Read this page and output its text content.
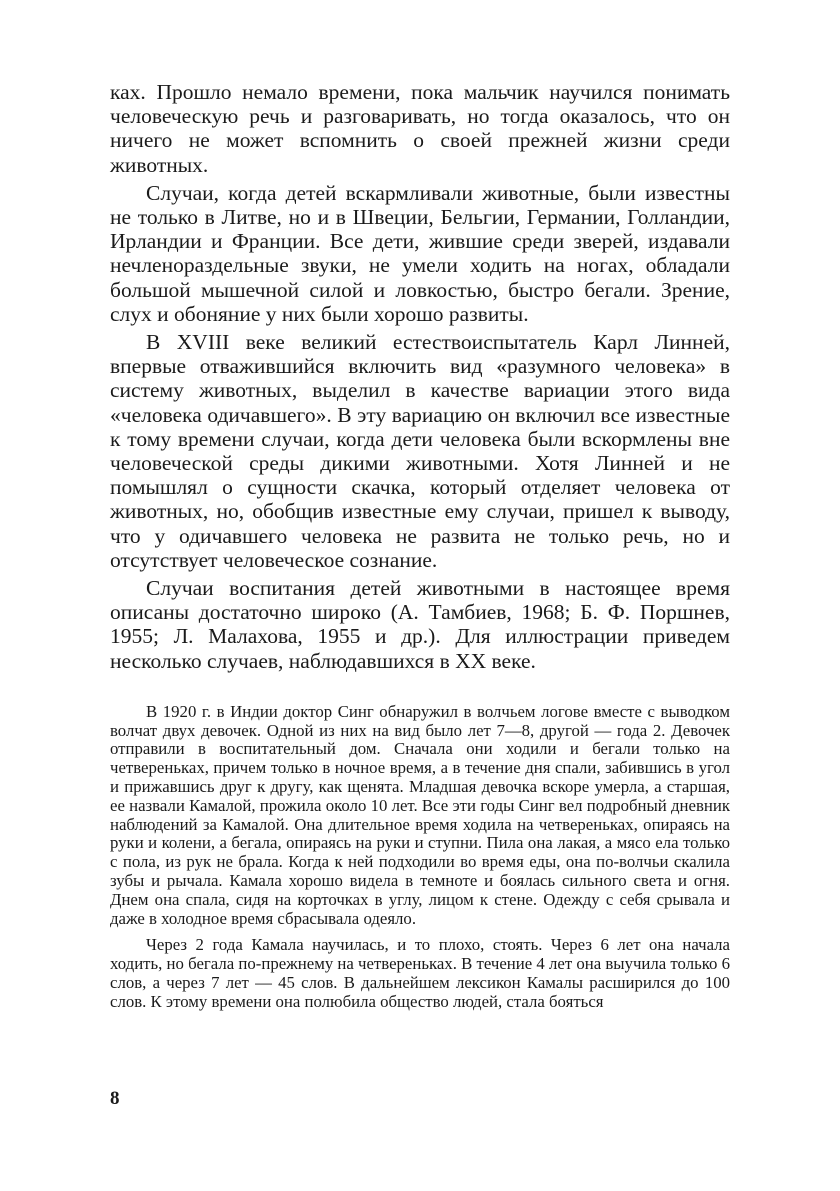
ках. Прошло немало времени, пока мальчик научился понимать человеческую речь и разговаривать, но тогда оказалось, что он ничего не может вспомнить о своей прежней жизни среди животных.

Случаи, когда детей вскармливали животные, были известны не только в Литве, но и в Швеции, Бельгии, Германии, Голландии, Ирландии и Франции. Все дети, жившие среди зверей, издавали нечленораздельные звуки, не умели ходить на ногах, обладали большой мышечной силой и ловкостью, быстро бегали. Зрение, слух и обоняние у них были хорошо развиты.

В XVIII веке великий естествоиспытатель Карл Линней, впервые отважившийся включить вид «разумного человека» в систему животных, выделил в качестве вариации этого вида «человека одичавшего». В эту вариацию он включил все известные к тому времени случаи, когда дети человека были вскормлены вне человеческой среды дикими животными. Хотя Линней и не помышлял о сущности скачка, который отделяет человека от животных, но, обобщив известные ему случаи, пришел к выводу, что у одичавшего человека не развита не только речь, но и отсутствует человеческое сознание.

Случаи воспитания детей животными в настоящее время описаны достаточно широко (А. Тамбиев, 1968; Б. Ф. Поршнев, 1955; Л. Малахова, 1955 и др.). Для иллюстрации приведем несколько случаев, наблюдавшихся в XX веке.

В 1920 г. в Индии доктор Синг обнаружил в волчьем логове вместе с выводком волчат двух девочек. Одной из них на вид было лет 7—8, другой — года 2. Девочек отправили в воспитательный дом. Сначала они ходили и бегали только на четвереньках, причем только в ночное время, а в течение дня спали, забившись в угол и прижавшись друг к другу, как щенята. Младшая девочка вскоре умерла, а старшая, ее назвали Камалой, прожила около 10 лет. Все эти годы Синг вел подробный дневник наблюдений за Камалой. Она длительное время ходила на четвереньках, опираясь на руки и колени, а бегала, опираясь на руки и ступни. Пила она лакая, а мясо ела только с пола, из рук не брала. Когда к ней подходили во время еды, она по-волчьи скалила зубы и рычала. Камала хорошо видела в темноте и боялась сильного света и огня. Днем она спала, сидя на корточках в углу, лицом к стене. Одежду с себя срывала и даже в холодное время сбрасывала одеяло.

Через 2 года Камала научилась, и то плохо, стоять. Через 6 лет она начала ходить, но бегала по-прежнему на четвереньках. В течение 4 лет она выучила только 6 слов, а через 7 лет — 45 слов. В дальнейшем лексикон Камалы расширился до 100 слов. К этому времени она полюбила общество людей, стала бояться

8
